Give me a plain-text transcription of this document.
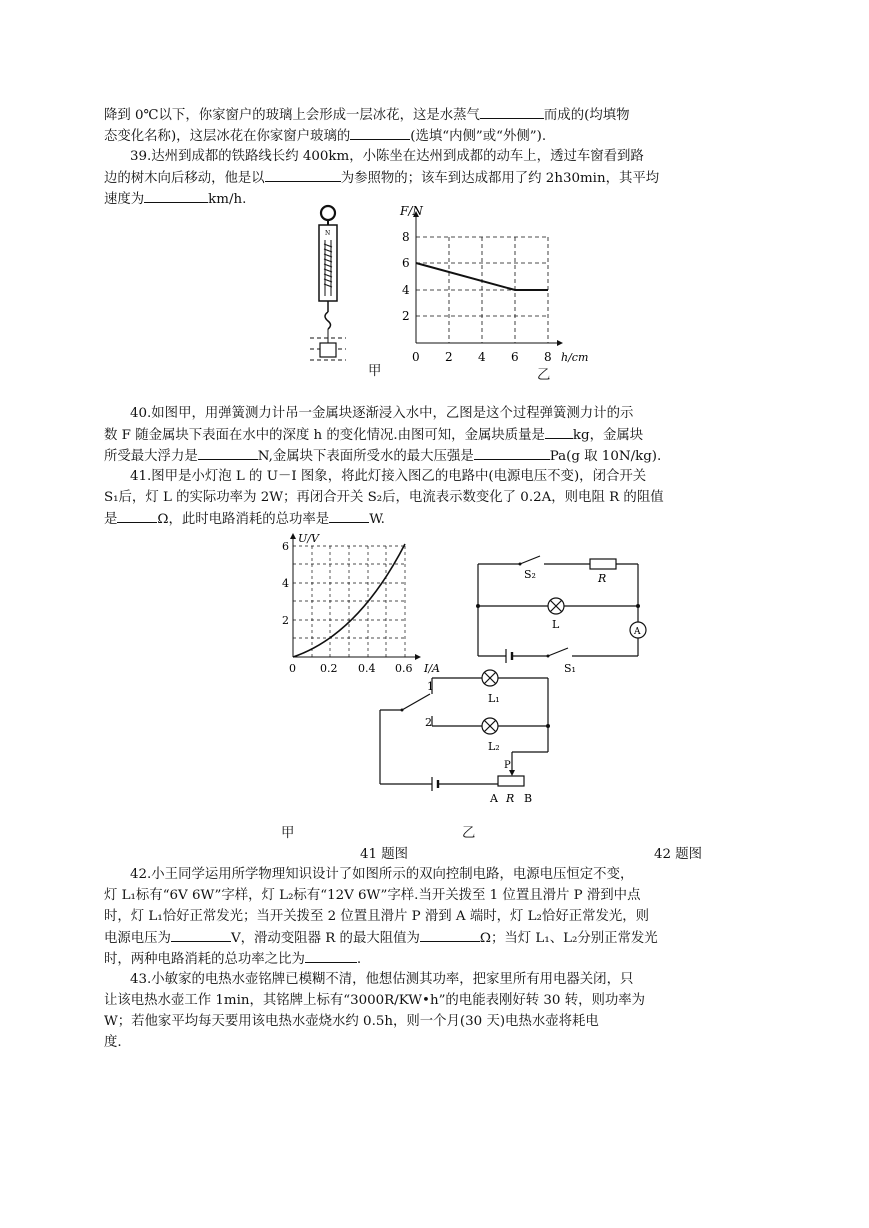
降到 0℃以下，你家窗户的玻璃上会形成一层冰花，这是水蒸气	而成的(均填物
态变化名称)，这层冰花在你家窗户玻璃的	(选填“内侧”或“外侧”).
39.达州到成都的铁路线长约 400km，小陈坐在达州到成都的动车上，透过车窗看到路
边的树木向后移动，他是以	为参照物的；该车到达成都用了约 2h30min，其平均
速度为	km/h.
N
甲
F/N
8
6
4
2
0 2 4 6 8 h/cm
乙
40.如图甲，用弹簧测力计吊一金属块逐渐浸入水中，乙图是这个过程弹簧测力计的示
数 F 随金属块下表面在水中的深度 h 的变化情况.由图可知，金属块质量是 kg，金属块
所受最大浮力是	N,金属块下表面所受水的最大压强是	Pa(g 取 10N/kg).
41.图甲是小灯泡 L 的 U－I 图象，将此灯接入图乙的电路中(电源电压不变)，闭合开关
S₁后，灯 L 的实际功率为 2W；再闭合开关 S₂后，电流表示数变化了 0.2A，则电阻 R 的阻值
是	Ω，此时电路消耗的总功率是	W.
U/V
6
4
2
0 0.2 0.4 0.6 I/A
S₂	R
L
A
S₁
1
2
L₁
L₂
P
A R B
甲	乙
41 题图	42 题图
42.小王同学运用所学物理知识设计了如图所示的双向控制电路，电源电压恒定不变，
灯 L₁标有“6V 6W”字样，灯 L₂标有“12V 6W”字样.当开关拨至 1 位置且滑片 P 滑到中点
时，灯 L₁恰好正常发光；当开关拨至 2 位置且滑片 P 滑到 A 端时，灯 L₂恰好正常发光，则
电源电压为	V，滑动变阻器 R 的最大阻值为	Ω；当灯 L₁、L₂分别正常发光
时，两种电路消耗的总功率之比为	.
43.小敏家的电热水壶铭牌已模糊不清，他想估测其功率，把家里所有用电器关闭，只
让该电热水壶工作 1min，其铭牌上标有“3000R/KW•h”的电能表刚好转 30 转，则功率为
W；若他家平均每天要用该电热水壶烧水约 0.5h，则一个月(30 天)电热水壶将耗电
度.
